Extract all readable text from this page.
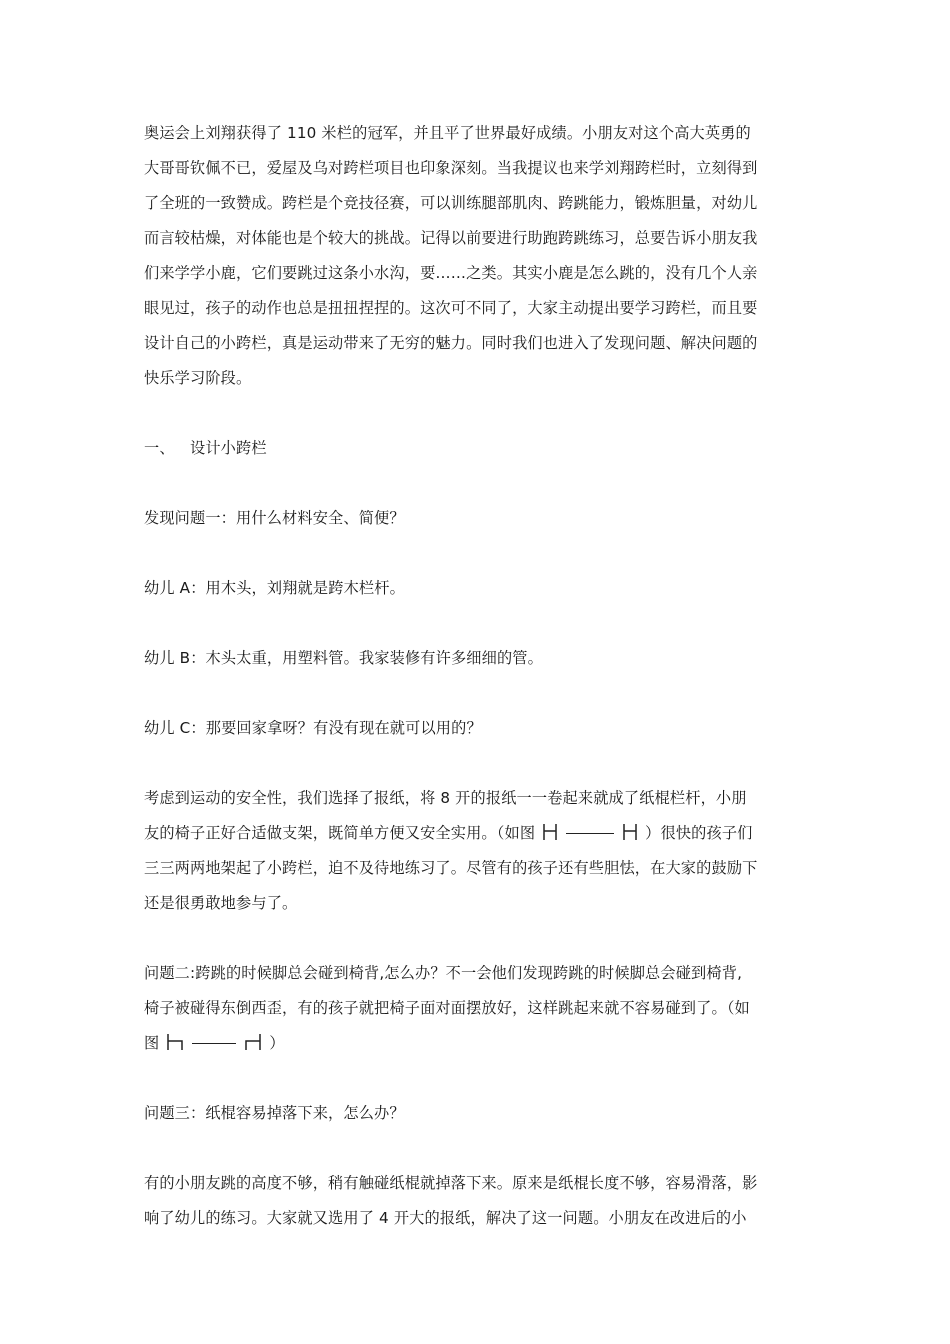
奥运会上刘翔获得了 110 米栏的冠军，并且平了世界最好成绩。小朋友对这个高大英勇的
大哥哥钦佩不已，爱屋及乌对跨栏项目也印象深刻。当我提议也来学刘翔跨栏时，立刻得到
了全班的一致赞成。跨栏是个竞技径赛，可以训练腿部肌肉、跨跳能力，锻炼胆量，对幼儿
而言较枯燥，对体能也是个较大的挑战。记得以前要进行助跑跨跳练习，总要告诉小朋友我
们来学学小鹿，它们要跳过这条小水沟，要……之类。其实小鹿是怎么跳的，没有几个人亲
眼见过，孩子的动作也总是扭扭捏捏的。这次可不同了，大家主动提出要学习跨栏，而且要
设计自己的小跨栏，真是运动带来了无穷的魅力。同时我们也进入了发现问题、解决问题的
快乐学习阶段。
一、 设计小跨栏
发现问题一：用什么材料安全、简便？
幼儿 A：用木头，刘翔就是跨木栏杆。
幼儿 B：木头太重，用塑料管。我家装修有许多细细的管。
幼儿 C：那要回家拿呀？有没有现在就可以用的？
考虑到运动的安全性，我们选择了报纸，将 8 开的报纸一一卷起来就成了纸棍栏杆，小朋
友的椅子正好合适做支架，既简单方便又安全实用。（如图	）很快的孩子们
三三两两地架起了小跨栏，迫不及待地练习了。尽管有的孩子还有些胆怯，在大家的鼓励下
还是很勇敢地参与了。
问题二:跨跳的时候脚总会碰到椅背,怎么办？不一会他们发现跨跳的时候脚总会碰到椅背,
椅子被碰得东倒西歪，有的孩子就把椅子面对面摆放好，这样跳起来就不容易碰到了。（如
图	）
问题三：纸棍容易掉落下来，怎么办？
有的小朋友跳的高度不够，稍有触碰纸棍就掉落下来。原来是纸棍长度不够，容易滑落，影
响了幼儿的练习。大家就又选用了 4 开大的报纸，解决了这一问题。小朋友在改进后的小
